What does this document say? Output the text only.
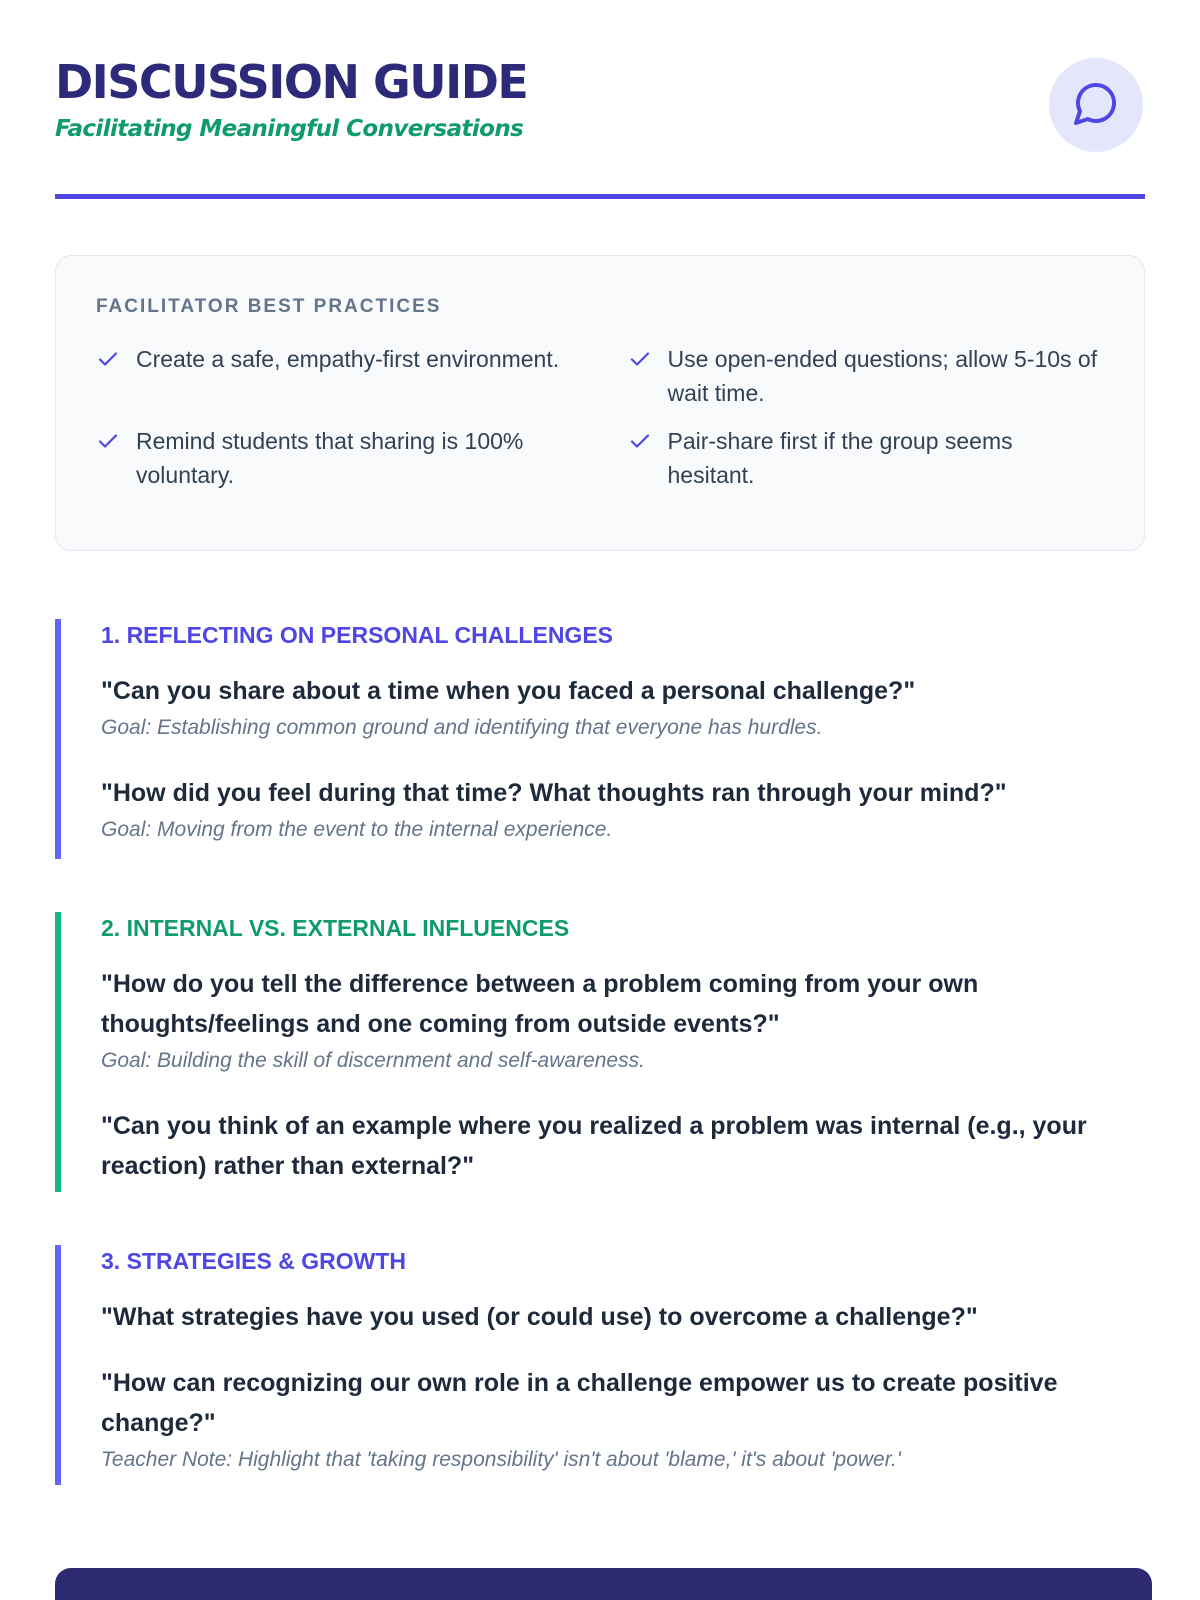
DISCUSSION GUIDE
Facilitating Meaningful Conversations
FACILITATOR BEST PRACTICES
Create a safe, empathy-first environment.	Use open-ended questions; allow 5-10s of wait time.
Remind students that sharing is 100% voluntary.
Pair-share first if the group seems hesitant.
1. REFLECTING ON PERSONAL CHALLENGES
"Can you share about a time when you faced a personal challenge?"
Goal: Establishing common ground and identifying that everyone has hurdles.
"How did you feel during that time? What thoughts ran through your mind?"
Goal: Moving from the event to the internal experience.
2. INTERNAL VS. EXTERNAL INFLUENCES
"How do you tell the difference between a problem coming from your own thoughts/feelings and one coming from outside events?"
Goal: Building the skill of discernment and self-awareness.
"Can you think of an example where you realized a problem was internal (e.g., your reaction) rather than external?"
3. STRATEGIES & GROWTH
"What strategies have you used (or could use) to overcome a challenge?"
"How can recognizing our own role in a challenge empower us to create positive change?"
Teacher Note: Highlight that 'taking responsibility' isn't about 'blame,' it's about 'power.'
